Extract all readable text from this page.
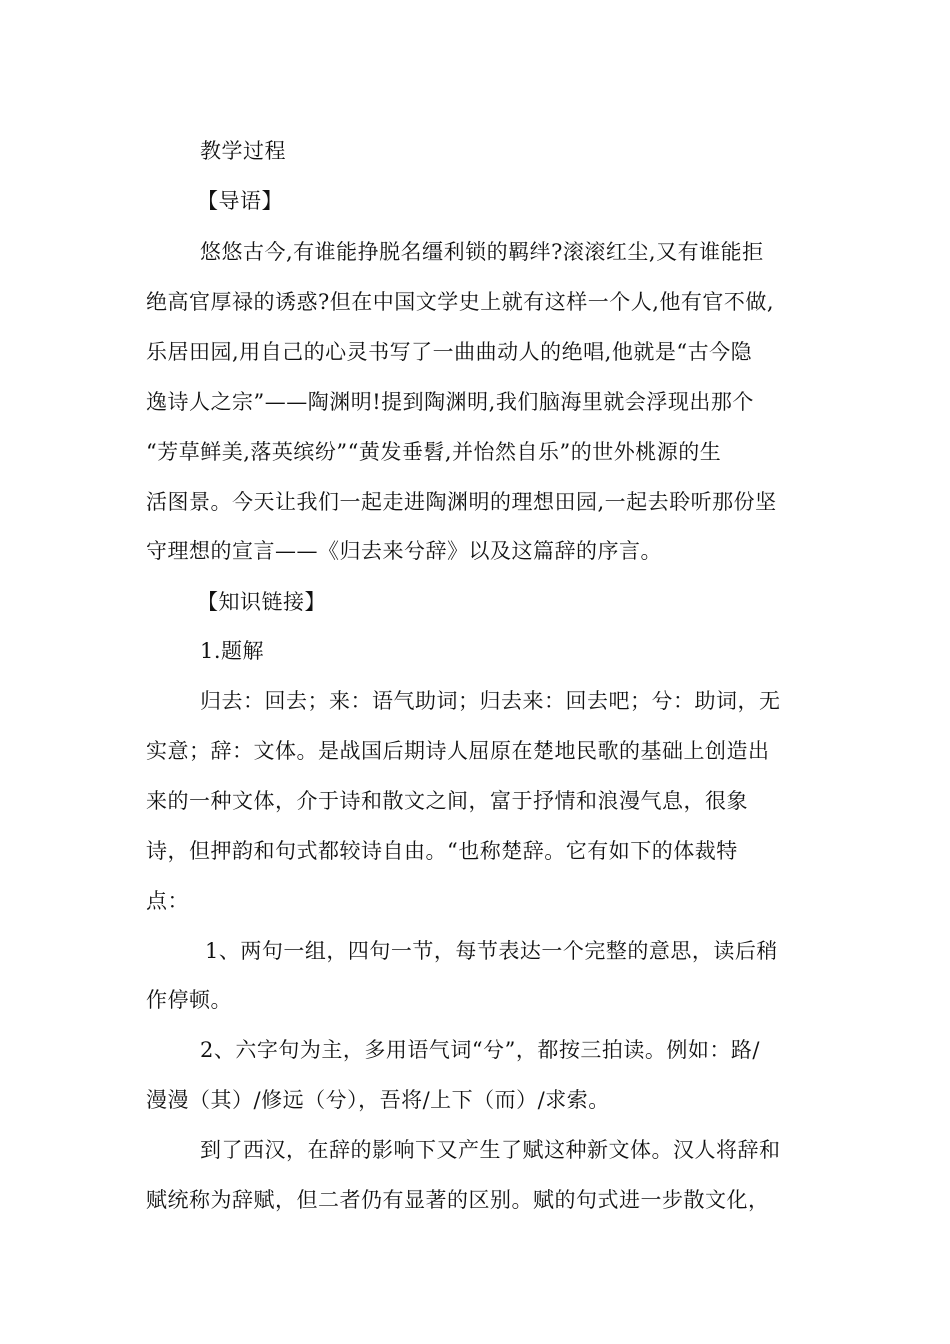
教学过程
【导语】
悠悠古今,有谁能挣脱名缰利锁的羁绊?滚滚红尘,又有谁能拒
绝高官厚禄的诱惑?但在中国文学史上就有这样一个人,他有官不做,
乐居田园,用自己的心灵书写了一曲曲动人的绝唱,他就是“古今隐
逸诗人之宗”——陶渊明!提到陶渊明,我们脑海里就会浮现出那个
“芳草鲜美,落英缤纷”“黄发垂髫,并怡然自乐”的世外桃源的生
活图景。今天让我们一起走进陶渊明的理想田园,一起去聆听那份坚
守理想的宣言——《归去来兮辞》以及这篇辞的序言。
【知识链接】
1.题解
归去：回去；来：语气助词；归去来：回去吧；兮：助词，无
实意；辞：文体。是战国后期诗人屈原在楚地民歌的基础上创造出
来的一种文体，介于诗和散文之间，富于抒情和浪漫气息，很象
诗，但押韵和句式都较诗自由。“也称楚辞。它有如下的体裁特
点：
1、两句一组，四句一节，每节表达一个完整的意思，读后稍
作停顿。
2、六字句为主，多用语气词“兮”，都按三拍读。例如：路/
漫漫（其）/修远（兮），吾将/上下（而）/求索。
到了西汉，在辞的影响下又产生了赋这种新文体。汉人将辞和
赋统称为辞赋，但二者仍有显著的区别。赋的句式进一步散文化，
